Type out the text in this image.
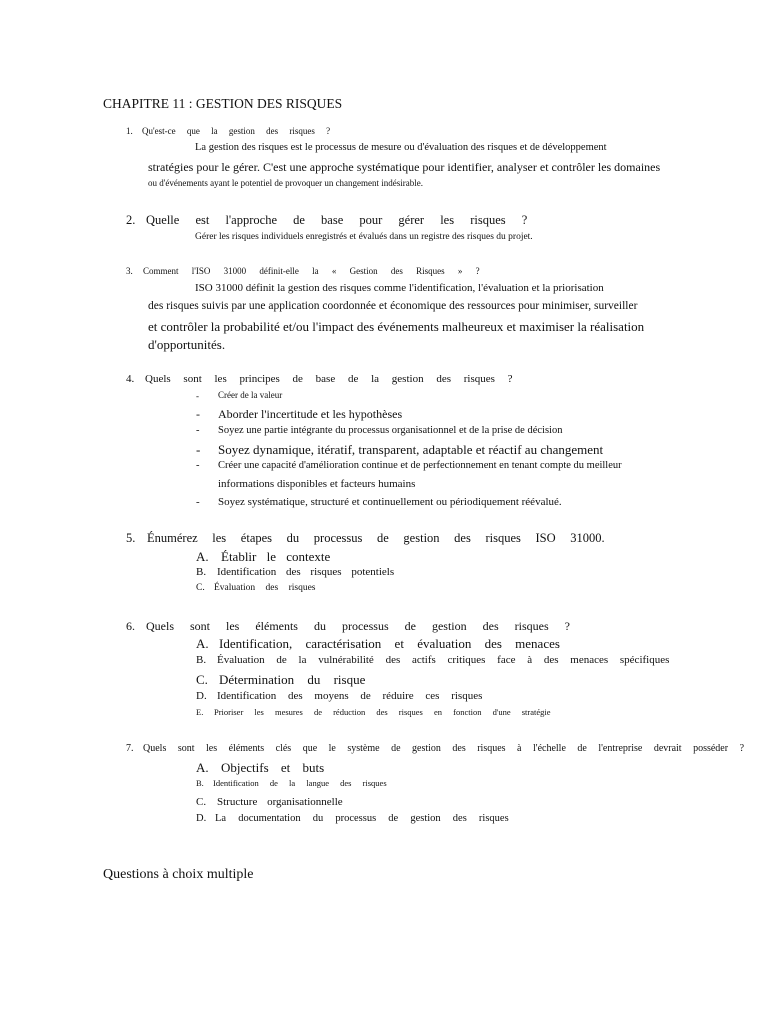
CHAPITRE 11 : GESTION DES RISQUES
1. Qu'est-ce que la gestion des risques ?
La gestion des risques est le processus de mesure ou d'évaluation des risques et de développement
stratégies pour le gérer. C'est une approche systématique pour identifier, analyser et contrôler les domaines
ou d'événements ayant le potentiel de provoquer un changement indésirable.
2. Quelle est l'approche de base pour gérer les risques ?
Gérer les risques individuels enregistrés et évalués dans un registre des risques du projet.
3. Comment l'ISO 31000 définit-elle la « Gestion des Risques » ?
ISO 31000 définit la gestion des risques comme l'identification, l'évaluation et la priorisation
des risques suivis par une application coordonnée et économique des ressources pour minimiser, surveiller
et contrôler la probabilité et/ou l'impact des événements malheureux et maximiser la réalisation
d'opportunités.
4. Quels sont les principes de base de la gestion des risques ?
- Créer de la valeur
- Aborder l'incertitude et les hypothèses
- Soyez une partie intégrante du processus organisationnel et de la prise de décision
- Soyez dynamique, itératif, transparent, adaptable et réactif au changement
- Créer une capacité d'amélioration continue et de perfectionnement en tenant compte du meilleur
informations disponibles et facteurs humains
- Soyez systématique, structuré et continuellement ou périodiquement réévalué.
5. Énumérez les étapes du processus de gestion des risques ISO 31000.
A. Établir le contexte
B. Identification des risques potentiels
C. Évaluation des risques
6. Quels sont les éléments du processus de gestion des risques ?
A. Identification, caractérisation et évaluation des menaces
B. Évaluation de la vulnérabilité des actifs critiques face à des menaces spécifiques
C. Détermination du risque
D. Identification des moyens de réduire ces risques
E. Prioriser les mesures de réduction des risques en fonction d'une stratégie
7. Quels sont les éléments clés que le système de gestion des risques à l'échelle de l'entreprise devrait posséder ?
A. Objectifs et buts
B. Identification de la langue des risques
C. Structure organisationnelle
D. La documentation du processus de gestion des risques
Questions à choix multiple
